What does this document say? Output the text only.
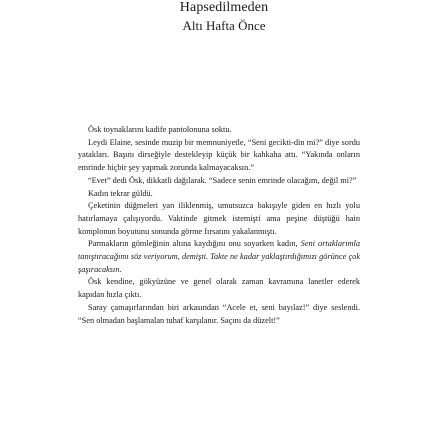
Hapsedilmeden
Altı Hafta Önce

Ösk toynaklarını kadife pantolonuna soktu.

Leydi Elaine, sesinde muzip bir memnuniyetle, “Seni gecikti-din mi?” diye sordu yatakları. Başını dirseğiyle destekleyip küçük bir kahkaha attı. “Yakında onların emrinde hiçbir şey yapmak zorunda kalmayacaksın.”

“Evet” dedi Ösk, dikkatli dağılarak. “Sadece senin emrinde olacağım, değil mi?”

Kadın tekrar güldü.

Çeketinin düğmeleri yan iliklenmiş, umutsuzca bakışıyle giden en hızlı yolu hatırlamaya çalışıyordu. Vaktinde gitmek istemişti ama peşine düştüğü hain komplonun boyutunu sonunda görme fırsatını yakalanmıştı.

Parmakların gömleğinin altına kaydığını onu soyarken kadın, Seni ortaklarımla tanıştıracağımı söz veriyorum, demişti. Takte ne kadar yaklaştırdığımızı görünce çok şaşıracaksın.

Ösk kendine, gökyüzüne ve genel olarak zaman kavramına lanetler ederek kapıdan hızla çıktı.

Saray çamaşırlarından biri arkasından “Acele et, seni bayılaz!” diye seslendi. “Sen olmadan başlamalan tuhaf karşılanır. Saçını da düzelt!”
